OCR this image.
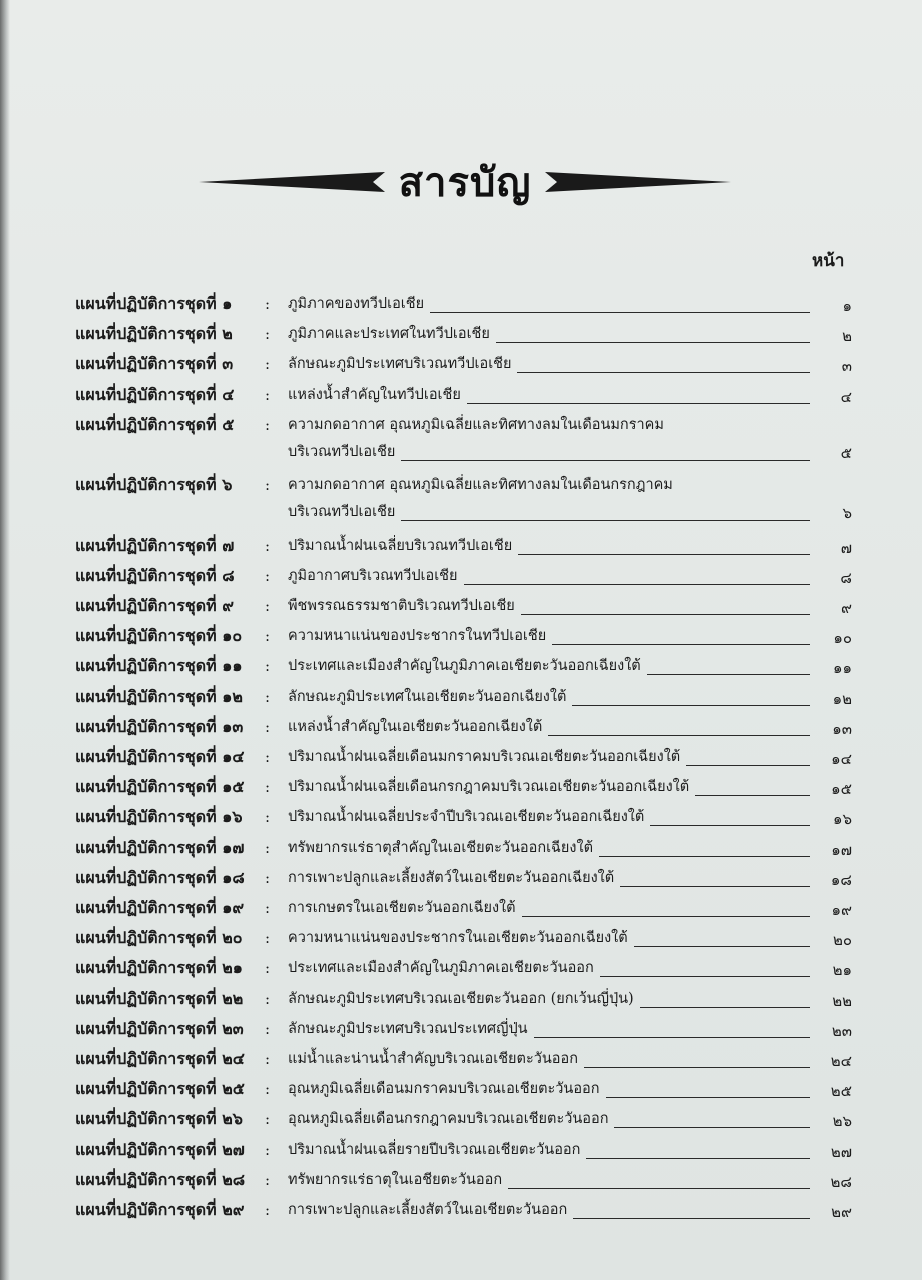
สารบัญ
หน้า
แผนที่ปฏิบัติการชุดที่ ๑	: ภูมิภาคของทวีปเอเชีย	๑
แผนที่ปฏิบัติการชุดที่ ๒	: ภูมิภาคและประเทศในทวีปเอเชีย	๒
แผนที่ปฏิบัติการชุดที่ ๓	: ลักษณะภูมิประเทศบริเวณทวีปเอเชีย	๓
แผนที่ปฏิบัติการชุดที่ ๔	: แหล่งน้ำสำคัญในทวีปเอเชีย	๔
แผนที่ปฏิบัติการชุดที่ ๕	: ความกดอากาศ อุณหภูมิเฉลี่ยและทิศทางลมในเดือนมกราคม
บริเวณทวีปเอเชีย	๕
แผนที่ปฏิบัติการชุดที่ ๖	: ความกดอากาศ อุณหภูมิเฉลี่ยและทิศทางลมในเดือนกรกฎาคม
บริเวณทวีปเอเชีย	๖
แผนที่ปฏิบัติการชุดที่ ๗	: ปริมาณน้ำฝนเฉลี่ยบริเวณทวีปเอเชีย	๗
แผนที่ปฏิบัติการชุดที่ ๘	: ภูมิอากาศบริเวณทวีปเอเชีย	๘
แผนที่ปฏิบัติการชุดที่ ๙	: พืชพรรณธรรมชาติบริเวณทวีปเอเชีย	๙
แผนที่ปฏิบัติการชุดที่ ๑๐	: ความหนาแน่นของประชากรในทวีปเอเชีย	๑๐
แผนที่ปฏิบัติการชุดที่ ๑๑	: ประเทศและเมืองสำคัญในภูมิภาคเอเชียตะวันออกเฉียงใต้	๑๑
แผนที่ปฏิบัติการชุดที่ ๑๒	: ลักษณะภูมิประเทศในเอเชียตะวันออกเฉียงใต้	๑๒
แผนที่ปฏิบัติการชุดที่ ๑๓	: แหล่งน้ำสำคัญในเอเชียตะวันออกเฉียงใต้	๑๓
แผนที่ปฏิบัติการชุดที่ ๑๔	: ปริมาณน้ำฝนเฉลี่ยเดือนมกราคมบริเวณเอเชียตะวันออกเฉียงใต้	๑๔
แผนที่ปฏิบัติการชุดที่ ๑๕	: ปริมาณน้ำฝนเฉลี่ยเดือนกรกฎาคมบริเวณเอเชียตะวันออกเฉียงใต้	๑๕
แผนที่ปฏิบัติการชุดที่ ๑๖	: ปริมาณน้ำฝนเฉลี่ยประจำปีบริเวณเอเชียตะวันออกเฉียงใต้	๑๖
แผนที่ปฏิบัติการชุดที่ ๑๗	: ทรัพยากรแร่ธาตุสำคัญในเอเชียตะวันออกเฉียงใต้	๑๗
แผนที่ปฏิบัติการชุดที่ ๑๘	: การเพาะปลูกและเลี้ยงสัตว์ในเอเชียตะวันออกเฉียงใต้	๑๘
แผนที่ปฏิบัติการชุดที่ ๑๙	: การเกษตรในเอเชียตะวันออกเฉียงใต้	๑๙
แผนที่ปฏิบัติการชุดที่ ๒๐	: ความหนาแน่นของประชากรในเอเชียตะวันออกเฉียงใต้	๒๐
แผนที่ปฏิบัติการชุดที่ ๒๑	: ประเทศและเมืองสำคัญในภูมิภาคเอเชียตะวันออก	๒๑
แผนที่ปฏิบัติการชุดที่ ๒๒	: ลักษณะภูมิประเทศบริเวณเอเชียตะวันออก (ยกเว้นญี่ปุ่น)	๒๒
แผนที่ปฏิบัติการชุดที่ ๒๓	: ลักษณะภูมิประเทศบริเวณประเทศญี่ปุ่น	๒๓
แผนที่ปฏิบัติการชุดที่ ๒๔	: แม่น้ำและน่านน้ำสำคัญบริเวณเอเชียตะวันออก	๒๔
แผนที่ปฏิบัติการชุดที่ ๒๕	: อุณหภูมิเฉลี่ยเดือนมกราคมบริเวณเอเชียตะวันออก	๒๕
แผนที่ปฏิบัติการชุดที่ ๒๖	: อุณหภูมิเฉลี่ยเดือนกรกฎาคมบริเวณเอเชียตะวันออก	๒๖
แผนที่ปฏิบัติการชุดที่ ๒๗	: ปริมาณน้ำฝนเฉลี่ยรายปีบริเวณเอเชียตะวันออก	๒๗
แผนที่ปฏิบัติการชุดที่ ๒๘	: ทรัพยากรแร่ธาตุในเอชียตะวันออก	๒๘
แผนที่ปฏิบัติการชุดที่ ๒๙	: การเพาะปลูกและเลี้ยงสัตว์ในเอเชียตะวันออก	๒๙
